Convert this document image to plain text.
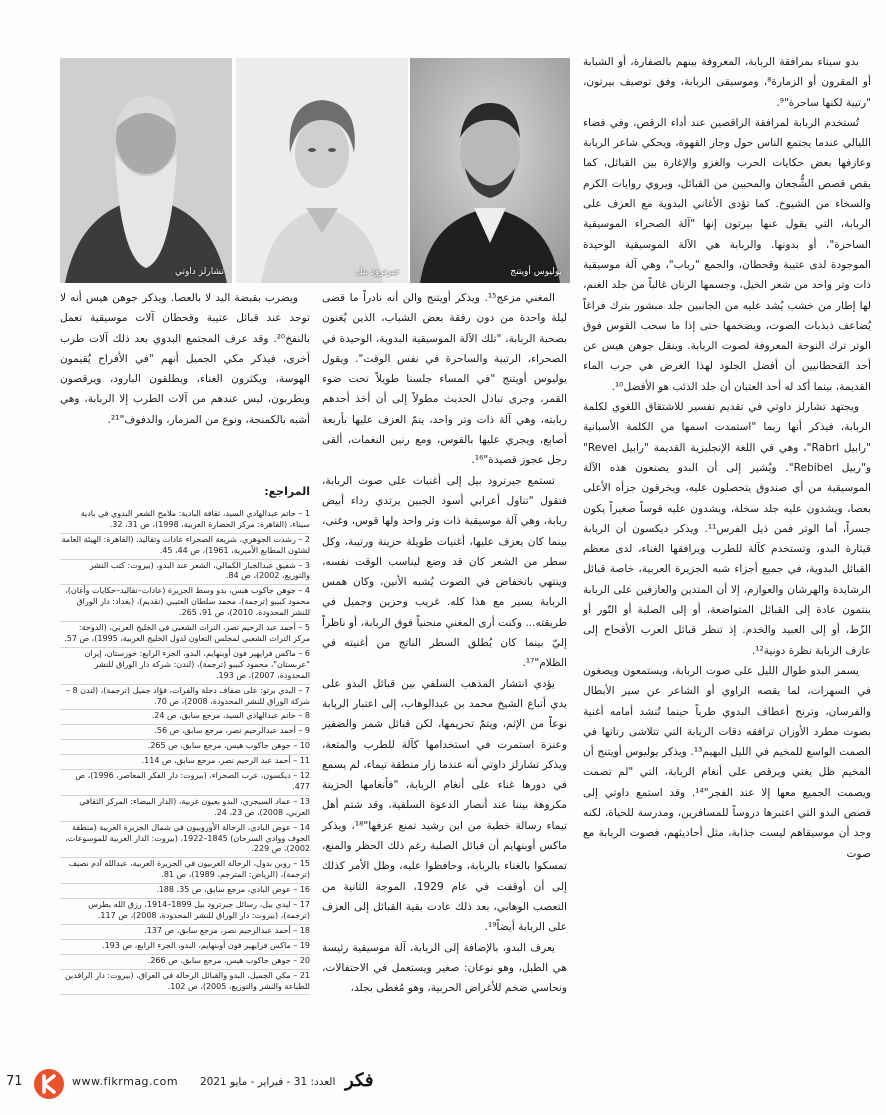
يوليوس أويتنج
جيرترود بيل
تشارلز داوتي

بدو سيناء بمرافقة الربابة، المعروفة بينهم بالصفارة، أو الشبابة أو المقرون أو الزمارة⁸، وموسيقى الربابة، وفق توصيف بيرتون، "رتيبة لكنها ساحرة"⁹.

تُستخدم الربابة لمرافقة الراقصين عند أداء الرقص، وفي فضاء الليالي عندما يجتمع الناس حول وجار القهوة، ويحكي شاعر الربابة وعازفها بعض حكايات الحرب والغزو والإغارة بين القبائل، كما يقص قصص الشُّجعان والمحبين من القبائل، ويروي روايات الكرم والسخاء من الشيوخ. كما تؤدى الأغاني البدوية مع العزف على الربابة، التي يقول عنها بيرتون إنها "آلة الصحراء الموسيقية الساحرة"، أو بدونها. والربابة هي الآلة الموسيقية الوحيدة الموجودة لدى عتيبة وقحطان، والجمع "رباب"، وهي آلة موسيقية ذات وتر واحد من شعر الخيل، وجسمها الرنان غالباً من جلد الغنم، لها إطار من خشب يُشد عليه من الجانبين جلد مبشور بترك فراغاً يُضاعف ذبذبات الصوت، ويضخمها حتى إذا ما سحب القوس فوق الوتر ترك النوحة المعروفة لصوت الربابة. وينقل جوهن هيس عن أحد القحطانيين أن أفضل الجلود لهذا الغرض هي جرب الماء القديمة، بينما أكد له أحد العتبان أن جلد الذئب هو الأفضل¹⁰.

ويجتهد تشارلز داوتي في تقديم تفسير للاشتقاق اللغوي لكلمة الربابة، فيذكر أنها ربما "استمدت اسمها من الكلمة الأسبانية "رابيل Rabrl"، وهي في اللغة الإنجليزية القديمة "رابيل Revel" و"ربيل Rebibel". ويُشير إلى أن البدو يصنعون هذه الآلة الموسيقية من أي صندوق يتحصلون عليه، ويخرقون جزأه الأعلى بعصا، ويشدون عليه جلد سخلة، ويشدون عليه قوساً صغيراً يكون جسراً، أما الوتر فمن ذيل الفرس¹¹. ويذكر ديكسون أن الربابة قيثارة البدو، وتستخدم كآلة للطرب ويرافقها الغناء، لدى معظم القبائل البدوية، في جميع أجزاء شبه الجزيرة العربية، خاصة قبائل الرشايدة والهرشان والعوازم، إلا أن المتدين والعازفين على الربابة ينتمون عادة إلى القبائل المتواضعة، أو إلى الصلبة أو التّور أو الزّط، أو إلى العبيد والخدم. إذ تنظر قبائل العرب الأقحاح إلى عازف الربابة نظرة دونية¹².

يسمر البدو طوال الليل على صوت الربابة، ويستمعون ويصغون في السهرات، لما يقصه الراوي أو الشاعر عن سير الأبطال والفرسان، وترنح أعطاف البدوي طرباً حينما تُنشد أمامه أغنية بصوت مطرد الأوزان ترافقه دقات الربابة التي تتلاشى رناتها في الصمت الواسع للمخيم في الليل البهيم¹³. ويذكر يوليوس أويتنج أن المخيم ظل يغني ويرقص على أنغام الربابة، التي "لم تصمت ويصمت الجميع معها إلا عند الفجر"¹⁴. وقد استمع داوتي إلى قصص البدو التي اعتبرها دروساً للمسافرين، ومدرسة للحياة، لكنه وجد أن موسيقاهم ليست جذابة، مثل أحاديثهم، فصوت الربابة مع صوت

المغني مزعج¹⁵. ويذكر أويتنج والن أنه نادراً ما قضى ليلة واحدة من دون رفقة بعض الشباب، الذين يُغنون بصحبة الربابة، "تلك الآلة الموسيقية البدوية، الوحيدة في الصحراء، الرتيبة والساحرة في نفس الوقت". ويقول يوليوس أويتنج "في المساء جلسنا طويلاً تحت ضوء القمر، وجرى تبادل الحديث مطولاً إلى أن أخذ أحدهم ربابته، وهي آلة ذات وتر واحد، يتمّ العزف عليها بأربعة أصابع، ويجري عليها بالقوس، ومع رنين النغمات، ألقى رجل عجوز قصيدة"¹⁶.

تستمع جيرترود بيل إلى أغنيات على صوت الربابة، فتقول "تناول أعرابي أسود الجبين يرتدي رداء أبيض ربابة، وهي آلة موسيقية ذات وتر واحد ولها قوس، وغنى، بينما كان يعزف عليها، أغنيات طويلة حزينة ورتيبة، وكل سطر من الشعر كان قد وضع ليناسب الوقت نفسه، وينتهي بانخفاض في الصوت يُشبه الأنين، وكان همس الربابة يسير مع هذا كله. غريب وحزين وجميل في طريقته... وكنت أرى المغني منحنياً فوق الربابة، أو ناظراً إليّ بينما كان يُطلق السطر الناتج من أغنيته في الظلام"¹⁷.

يؤدي انتشار المذهب السلفي بين قبائل البدو على يدي أتباع الشيخ محمد بن عبدالوهاب، إلى اعتبار الربابة نوعاً من الإثم، ويتمّ تحريمها، لكن قبائل شمر والضفير وعنزة استمرت في استخدامها كآلة للطرب والمتعة، ويذكر تشارلز داوتي أنه عندما زار منطقة تيماء، لم يسمع في دورها غناء على أنغام الربابة، "فأنغامها الحزينة مكروهة بيننا عند أنصار الدعوة السلفية، وقد شتم أهل تيماء رسالة خطية من ابن رشيد تمنع عزفها"¹⁸، ويذكر ماكس أوبنهايم أن قبائل الصلبة رغم ذلك الحظر والمنع، تمسكوا بالغناء بالربابة، وحافظوا عليه، وظل الأمر كذلك إلى أن أوقفت في عام 1929، الموجة الثانية من التعصب الوهابي، بعد ذلك عادت بقية القبائل إلى العزف على الربابة أيضاً¹⁹.

يعرف البدو، بالإضافة إلى الربابة، آلة موسيقية رئيسة هي الطبل، وهو نوعان: صغير ويستعمل في الاحتفالات، ونحاسي ضخم للأغراض الحربية، وهو مُغطى بجلد،

ويضرب بقبضة اليد لا بالعصا. ويذكر جوهن هيس أنه لا توجد عند قبائل عتيبة وقحطان آلات موسيقية تعمل بالنفخ²⁰. وقد عرف المجتمع البدوي بعد ذلك آلات طرب أخرى، فيذكر مكي الجميل أنهم "في الأفراح يُقيمون الهوسة، ويكثرون الغناء، ويطلقون البارود، ويرقصون ويطربون، ليس عندهم من آلات الطرب إلا الربابة، وهي أشبه بالكمنجة، ونوع من المزمار، والدفوف"²¹.

المراجع:
1 – حاتم عبدالهادي السيد، ثقافة البادية: ملامح الشعر البدوي في بادية سيناء، (القاهرة: مركز الحضارة العربية، 1998)، ص 31، 32.
2 – رشدت الجوهري، شريعة الصحراء عادات وتقاليد، (القاهرة: الهيئة العامة لشئون المطابع الأميرية، 1961)، ص 44، 45.
3 – شفيق عبدالجبار الكمالي، الشعر عند البدو، (بيروت: كتب النشر والتوزيع، 2002)، ص 84.
4 – جوهن جاكوب هيس، بدو وسط الجزيرة (عادات–تقاليد–حكايات وأغان)، محمود كبيبو (ترجمة)، محمد سلطان العتيبي (تقديم)، (بغداد: دار الوراق للنشر المحدودة، 2010)، ص 91، 265.
5 – أحمد عبد الرحيم نصر، التراث الشعبي في الخليج العربي، (الدوحة: مركز التراث الشعبي لمجلس التعاون لدول الخليج العربية، 1995)، ص 57.
6 – ماكس فرايهير فون أوبنهايم، البدو، الجزء الرابع: خوزستان، إيران "عربستان"، محمود كبيبو (ترجمة)، (لندن: شركة دار الوراق للنشر المحدودة، 2007)، ص 193.
7 – البدي برتو: على ضفاف دجلة والفرات، فؤاد جميل (ترجمة)، (لندن 8 – شركة الوراق للنشر المحدودة، 2008)، ص 70.
8 – حاتم عبدالهادي السيد، مرجع سابق، ص 24.
9 – أحمد عبدالرحيم نصر، مرجع سابق، ص 56.
10 – جوهن جاكوب هيس، مرجع سابق، ص 265.
11 – أحمد عبد الرحيم نصر، مرجع سابق، ص 114.
12 – ديكسون، عرب الصحراء، (بيروت: دار الفكر المعاصر، 1996)، ص 477.
13 – عماد السيجري، البدو بعيون غربية، (الدار البيضاء: المركز الثقافي العربي، 2008)، ص 23، 24.
14 – عوض البادي، الرحالة الأوروبيون في شمال الجزيرة العربية (منطقة الجوف ووادي السرحان) 1845–1922، (بيروت: الدار العربية للموسوعات، 2002)، ص 229.
15 – روبن بدول، الرحالة الغربيون في الجزيرة العربية، عبدالله آدم نصيف (ترجمة)، (الرياض: المترجم، 1989)، ص 81.
16 – عوض البادي، مرجع سابق، ص 35، 188.
17 – ليدي بيل، رسائل جيرترود بيل 1899–1914، رزق الله بطرس (ترجمة)، (بيروت: دار الوراق للنشر المحدودة، 2008)، ص 117.
18 – أحمد عبدالرحيم نصر، مرجع سابق، ص 137.
19 – ماكس فرايهير فون أوبنهايم، البدو، الجزء الرابع، ص 193.
20 – جوهن جاكوب هيس، مرجع سابق، ص 266.
21 – مكي الجميل، البدو والقبائل الرحالة في العراق، (بيروت: دار الرافدين للطباعة والنشر والتوزيع، 2005)، ص 102.
71	www.fikrmag.com	فكر
العدد: 31 - فبراير - مايو 2021
